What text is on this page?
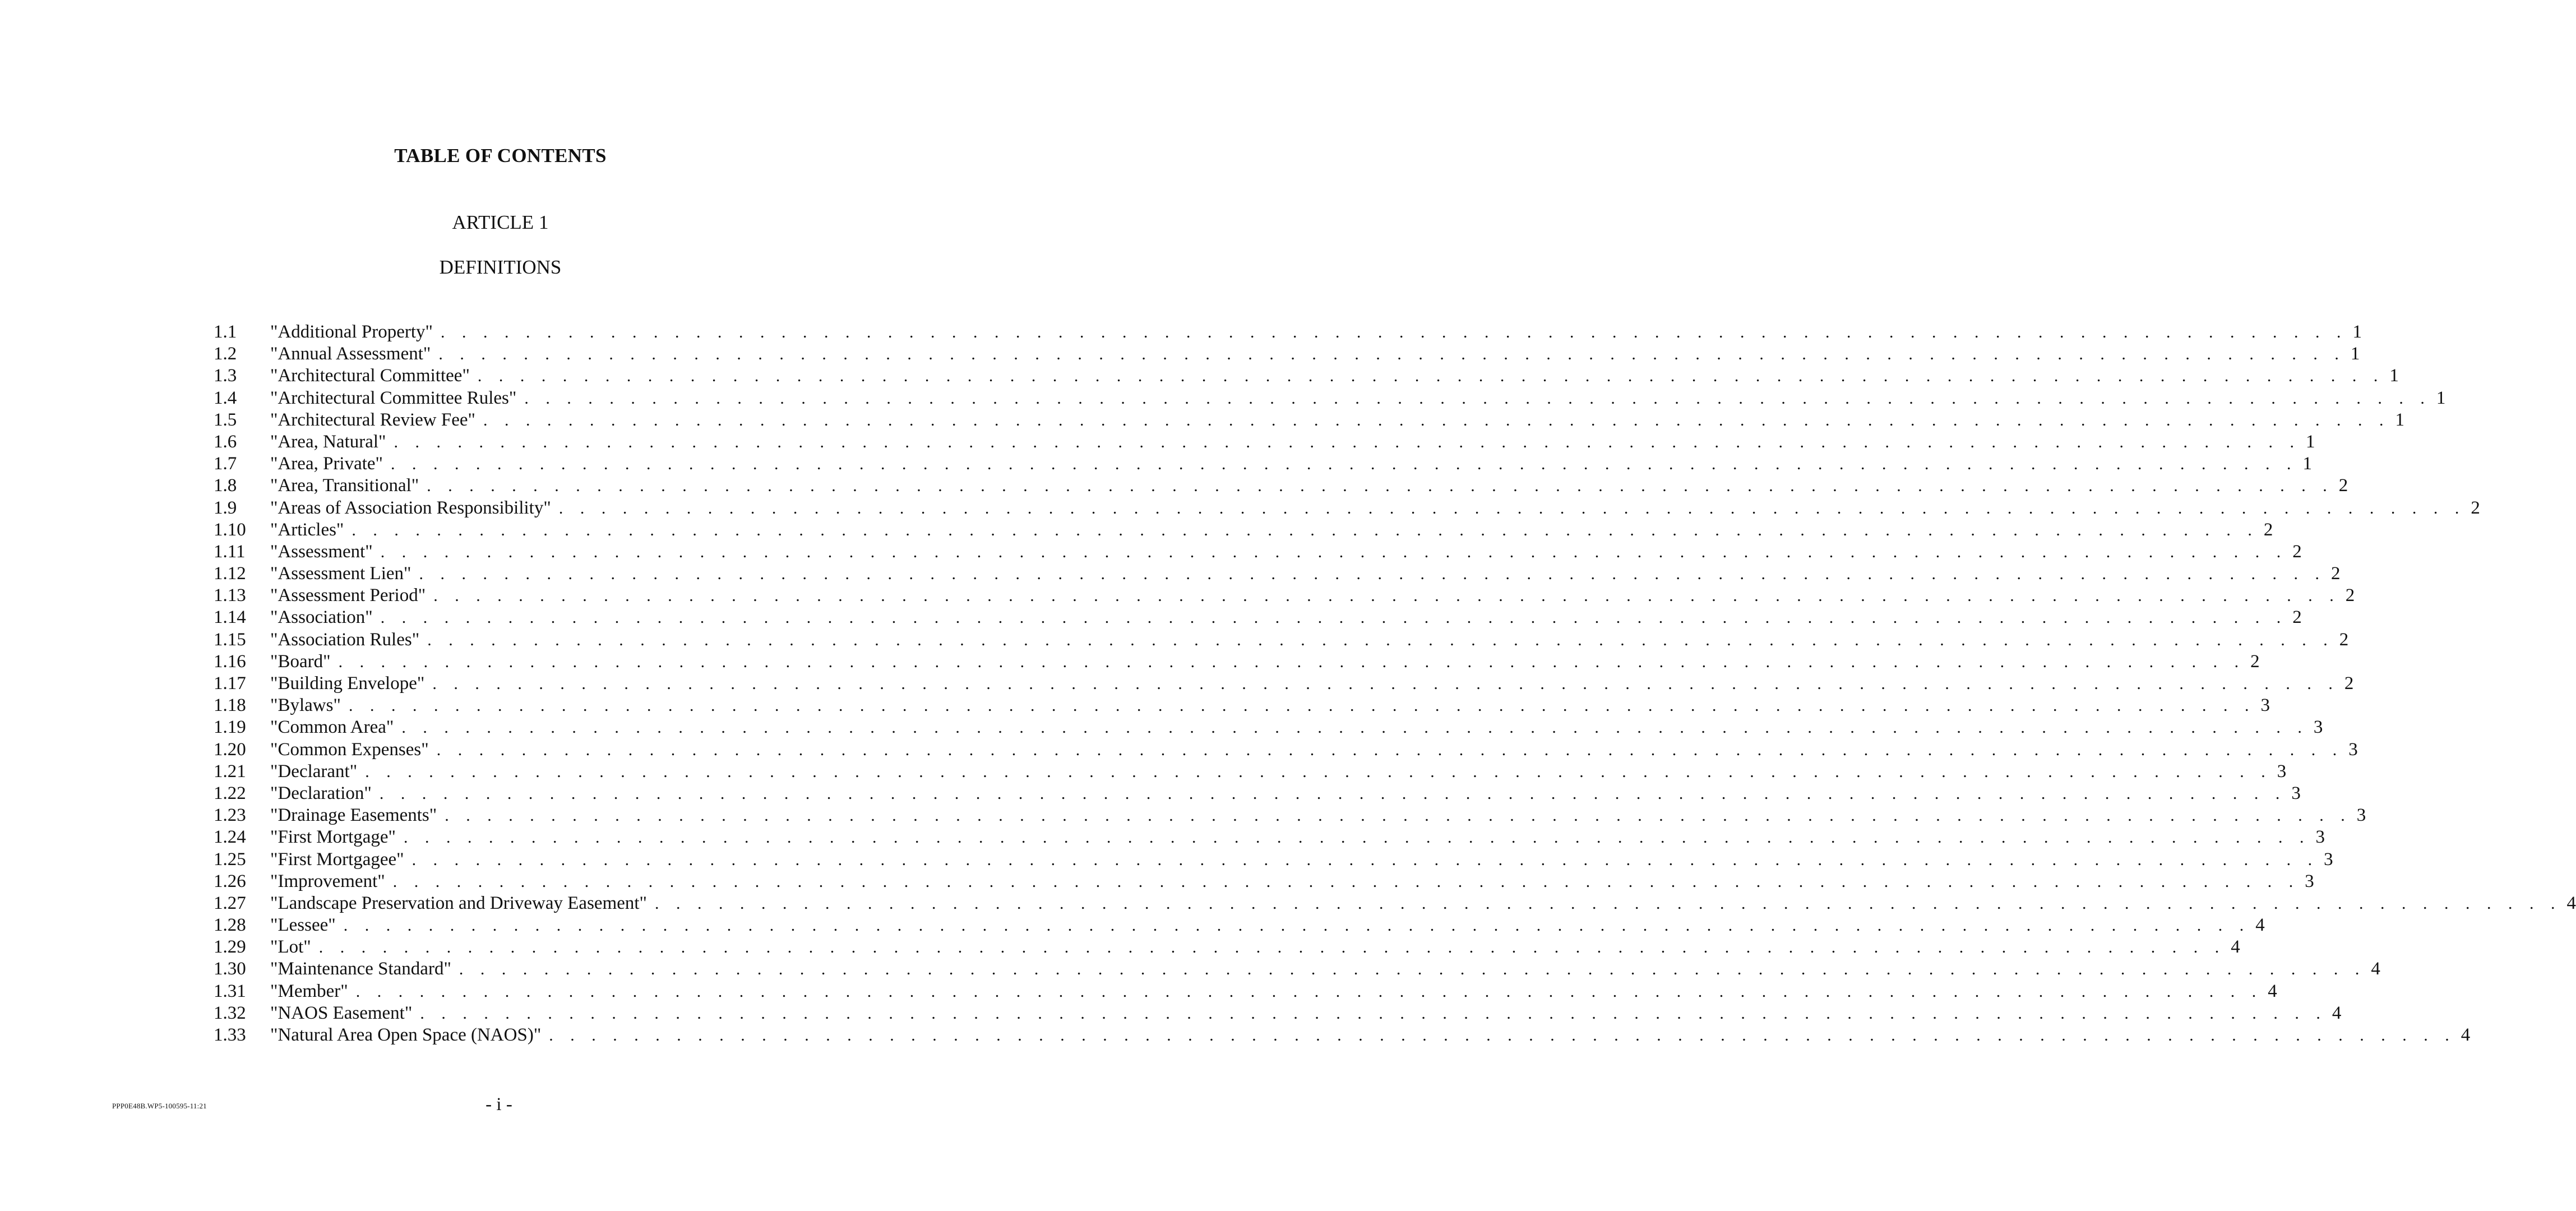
TABLE OF CONTENTS
ARTICLE 1
DEFINITIONS
1.1 "Additional Property" . . . . . . . . . . . . . . . . . . . . . . . . . . . . . . . . . . . . . . . . . . . . . . . . . . . . . . . . . . . . . . . . . . . . . . . . . . . . . . . . . . . . . . . . . . 1
1.2 "Annual Assessment" . . . . . . . . . . . . . . . . . . . . . . . . . . . . . . . . . . . . . . . . . . . . . . . . . . . . . . . . . . . . . . . . . . . . . . . . . . . . . . . . . . . . . . . . . . 1
1.3 "Architectural Committee" . . . . . . . . . . . . . . . . . . . . . . . . . . . . . . . . . . . . . . . . . . . . . . . . . . . . . . . . . . . . . . . . . . . . . . . . . . . . . . . . . . . . . . . . . . 1
1.4 "Architectural Committee Rules" . . . . . . . . . . . . . . . . . . . . . . . . . . . . . . . . . . . . . . . . . . . . . . . . . . . . . . . . . . . . . . . . . . . . . . . . . . . . . . . . . . . . . . . . . . 1
1.5 "Architectural Review Fee" . . . . . . . . . . . . . . . . . . . . . . . . . . . . . . . . . . . . . . . . . . . . . . . . . . . . . . . . . . . . . . . . . . . . . . . . . . . . . . . . . . . . . . . . . . 1
1.6 "Area, Natural" . . . . . . . . . . . . . . . . . . . . . . . . . . . . . . . . . . . . . . . . . . . . . . . . . . . . . . . . . . . . . . . . . . . . . . . . . . . . . . . . . . . . . . . . . . 1
1.7 "Area, Private" . . . . . . . . . . . . . . . . . . . . . . . . . . . . . . . . . . . . . . . . . . . . . . . . . . . . . . . . . . . . . . . . . . . . . . . . . . . . . . . . . . . . . . . . . . 1
1.8 "Area, Transitional" . . . . . . . . . . . . . . . . . . . . . . . . . . . . . . . . . . . . . . . . . . . . . . . . . . . . . . . . . . . . . . . . . . . . . . . . . . . . . . . . . . . . . . . . . . 2
1.9 "Areas of Association Responsibility" . . . . . . . . . . . . . . . . . . . . . . . . . . . . . . . . . . . . . . . . . . . . . . . . . . . . . . . . . . . . . . . . . . . . . . . . . . . . . . . . . . . . . . . . . . 2
1.10 "Articles" . . . . . . . . . . . . . . . . . . . . . . . . . . . . . . . . . . . . . . . . . . . . . . . . . . . . . . . . . . . . . . . . . . . . . . . . . . . . . . . . . . . . . . . . . . 2
1.11 "Assessment" . . . . . . . . . . . . . . . . . . . . . . . . . . . . . . . . . . . . . . . . . . . . . . . . . . . . . . . . . . . . . . . . . . . . . . . . . . . . . . . . . . . . . . . . . . 2
1.12 "Assessment Lien" . . . . . . . . . . . . . . . . . . . . . . . . . . . . . . . . . . . . . . . . . . . . . . . . . . . . . . . . . . . . . . . . . . . . . . . . . . . . . . . . . . . . . . . . . . 2
1.13 "Assessment Period" . . . . . . . . . . . . . . . . . . . . . . . . . . . . . . . . . . . . . . . . . . . . . . . . . . . . . . . . . . . . . . . . . . . . . . . . . . . . . . . . . . . . . . . . . . 2
1.14 "Association" . . . . . . . . . . . . . . . . . . . . . . . . . . . . . . . . . . . . . . . . . . . . . . . . . . . . . . . . . . . . . . . . . . . . . . . . . . . . . . . . . . . . . . . . . . 2
1.15 "Association Rules" . . . . . . . . . . . . . . . . . . . . . . . . . . . . . . . . . . . . . . . . . . . . . . . . . . . . . . . . . . . . . . . . . . . . . . . . . . . . . . . . . . . . . . . . . . 2
1.16 "Board" . . . . . . . . . . . . . . . . . . . . . . . . . . . . . . . . . . . . . . . . . . . . . . . . . . . . . . . . . . . . . . . . . . . . . . . . . . . . . . . . . . . . . . . . . . 2
1.17 "Building Envelope" . . . . . . . . . . . . . . . . . . . . . . . . . . . . . . . . . . . . . . . . . . . . . . . . . . . . . . . . . . . . . . . . . . . . . . . . . . . . . . . . . . . . . . . . . . 2
1.18 "Bylaws" . . . . . . . . . . . . . . . . . . . . . . . . . . . . . . . . . . . . . . . . . . . . . . . . . . . . . . . . . . . . . . . . . . . . . . . . . . . . . . . . . . . . . . . . . . 3
1.19 "Common Area" . . . . . . . . . . . . . . . . . . . . . . . . . . . . . . . . . . . . . . . . . . . . . . . . . . . . . . . . . . . . . . . . . . . . . . . . . . . . . . . . . . . . . . . . . . 3
1.20 "Common Expenses" . . . . . . . . . . . . . . . . . . . . . . . . . . . . . . . . . . . . . . . . . . . . . . . . . . . . . . . . . . . . . . . . . . . . . . . . . . . . . . . . . . . . . . . . . . 3
1.21 "Declarant" . . . . . . . . . . . . . . . . . . . . . . . . . . . . . . . . . . . . . . . . . . . . . . . . . . . . . . . . . . . . . . . . . . . . . . . . . . . . . . . . . . . . . . . . . . 3
1.22 "Declaration" . . . . . . . . . . . . . . . . . . . . . . . . . . . . . . . . . . . . . . . . . . . . . . . . . . . . . . . . . . . . . . . . . . . . . . . . . . . . . . . . . . . . . . . . . . 3
1.23 "Drainage Easements" . . . . . . . . . . . . . . . . . . . . . . . . . . . . . . . . . . . . . . . . . . . . . . . . . . . . . . . . . . . . . . . . . . . . . . . . . . . . . . . . . . . . . . . . . . 3
1.24 "First Mortgage" . . . . . . . . . . . . . . . . . . . . . . . . . . . . . . . . . . . . . . . . . . . . . . . . . . . . . . . . . . . . . . . . . . . . . . . . . . . . . . . . . . . . . . . . . . 3
1.25 "First Mortgagee" . . . . . . . . . . . . . . . . . . . . . . . . . . . . . . . . . . . . . . . . . . . . . . . . . . . . . . . . . . . . . . . . . . . . . . . . . . . . . . . . . . . . . . . . . . 3
1.26 "Improvement" . . . . . . . . . . . . . . . . . . . . . . . . . . . . . . . . . . . . . . . . . . . . . . . . . . . . . . . . . . . . . . . . . . . . . . . . . . . . . . . . . . . . . . . . . . 3
1.27 "Landscape Preservation and Driveway Easement" . . . . . . . . . . . . . . . . . . . . . . . . . . . . . . . . . . . . . . . . . . . . . . . . . . . . . . . . . . . . . . . . . . . . . . . . . . . . . . . . . . . . . . . . . . 4
1.28 "Lessee" . . . . . . . . . . . . . . . . . . . . . . . . . . . . . . . . . . . . . . . . . . . . . . . . . . . . . . . . . . . . . . . . . . . . . . . . . . . . . . . . . . . . . . . . . . 4
1.29 "Lot" . . . . . . . . . . . . . . . . . . . . . . . . . . . . . . . . . . . . . . . . . . . . . . . . . . . . . . . . . . . . . . . . . . . . . . . . . . . . . . . . . . . . . . . . . . 4
1.30 "Maintenance Standard" . . . . . . . . . . . . . . . . . . . . . . . . . . . . . . . . . . . . . . . . . . . . . . . . . . . . . . . . . . . . . . . . . . . . . . . . . . . . . . . . . . . . . . . . . . 4
1.31 "Member" . . . . . . . . . . . . . . . . . . . . . . . . . . . . . . . . . . . . . . . . . . . . . . . . . . . . . . . . . . . . . . . . . . . . . . . . . . . . . . . . . . . . . . . . . . 4
1.32 "NAOS Easement" . . . . . . . . . . . . . . . . . . . . . . . . . . . . . . . . . . . . . . . . . . . . . . . . . . . . . . . . . . . . . . . . . . . . . . . . . . . . . . . . . . . . . . . . . . 4
1.33 "Natural Area Open Space (NAOS)" . . . . . . . . . . . . . . . . . . . . . . . . . . . . . . . . . . . . . . . . . . . . . . . . . . . . . . . . . . . . . . . . . . . . . . . . . . . . . . . . . . . . . . . . . . 4
PPP0E48B.WP5-100595-11:21	- i -
